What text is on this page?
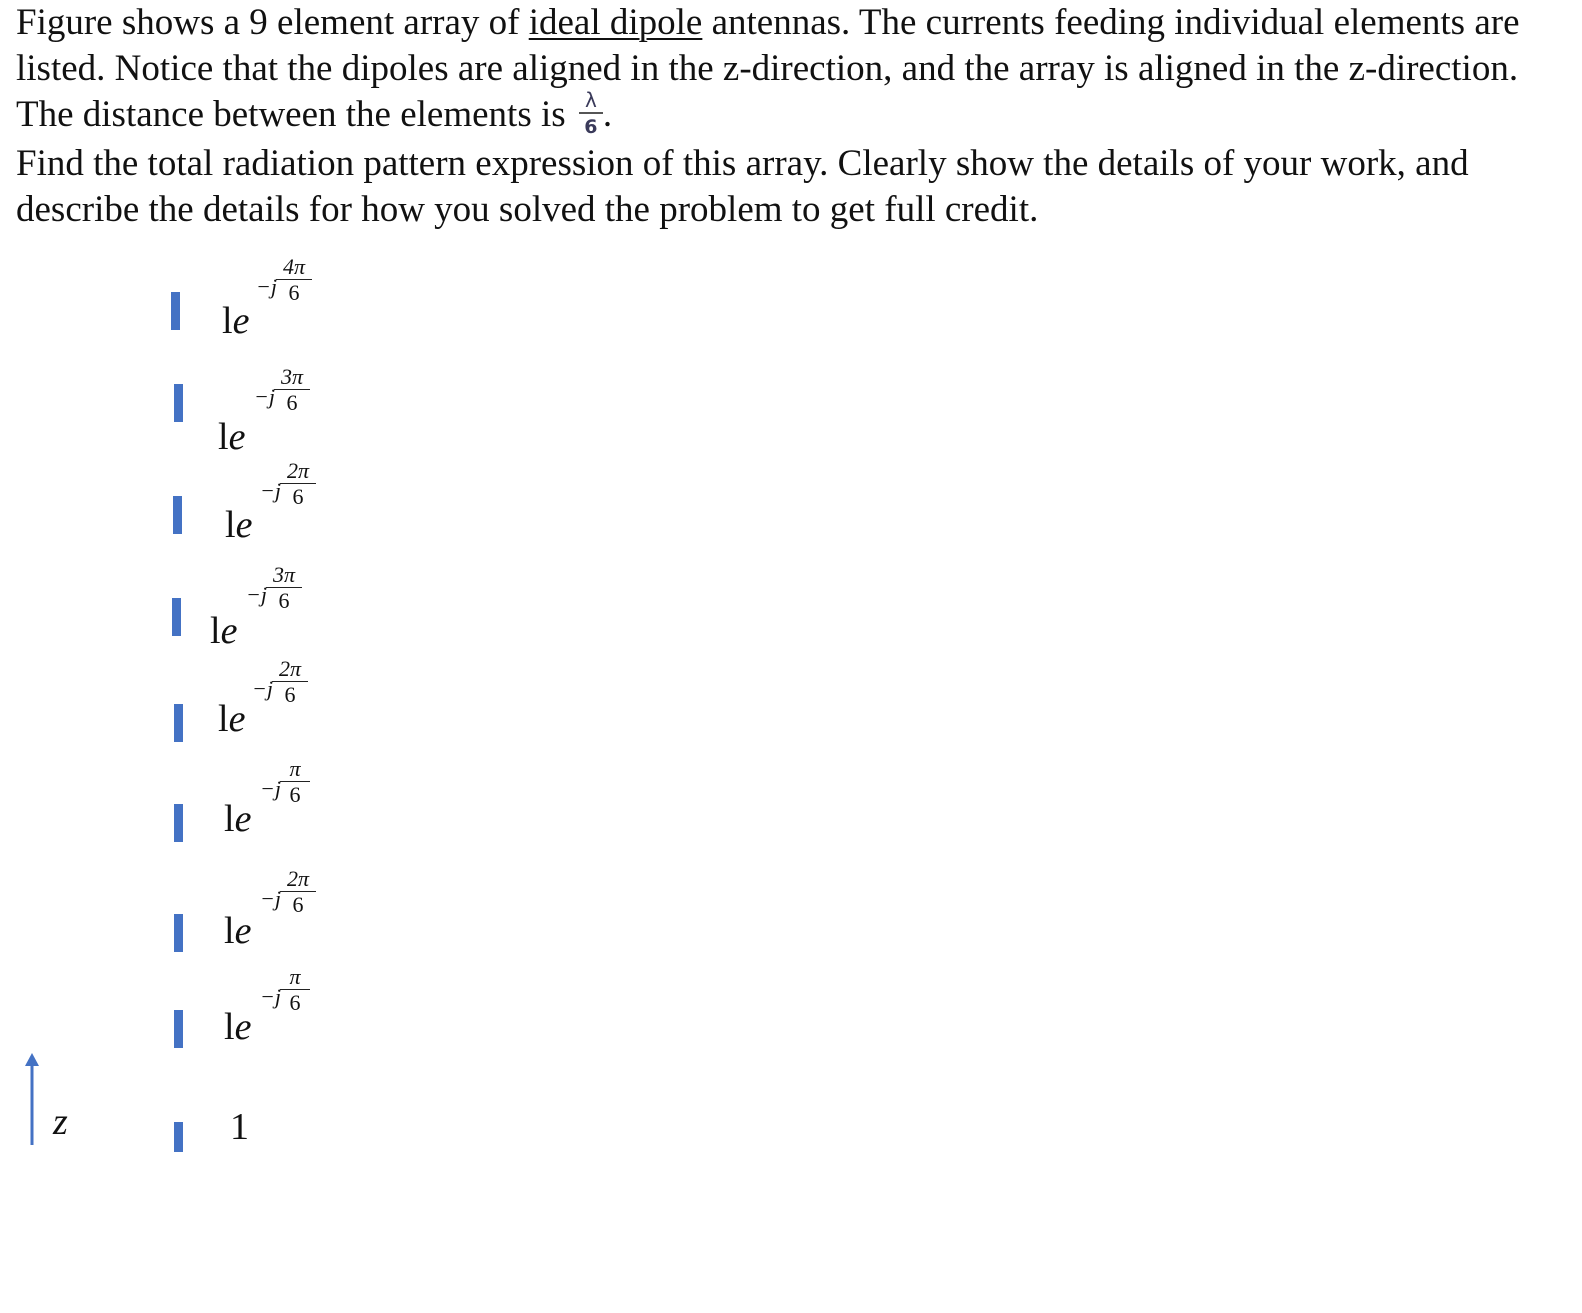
Figure shows a 9 element array of ideal dipole antennas. The currents feeding individual elements are listed. Notice that the dipoles are aligned in the z-direction, and the array is aligned in the z-direction. The distance between the elements is $\frac{\lambda}{6}$ .

Find the total radiation pattern expression of this array. Clearly show the details of your work, and describe the details for how you solved the problem to get full credit.

le
$-j \frac{4\pi}{6}$
le
$-j \frac{3\pi}{6}$
le
$-j \frac{2\pi}{6}$
le
$-j \frac{3\pi}{6}$
le
$-j \frac{2\pi}{6}$
le
$-j \frac{\pi}{6}$
le
$-j \frac{2\pi}{6}$
le
$-j \frac{\pi}{6}$
1
z
